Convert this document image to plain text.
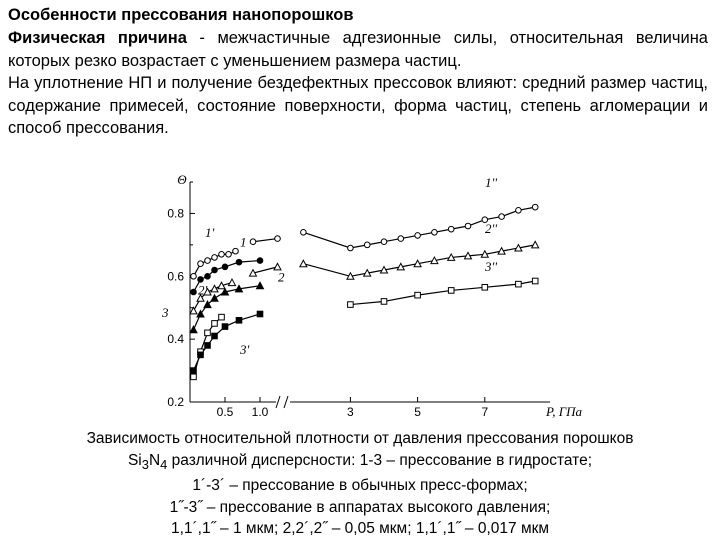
Особенности прессования нанопорошков

Физическая причина - межчастичные адгезионные силы, относительная величина которых резко возрастает с уменьшением размера частиц.

На уплотнение НП и получение бездефектных прессовок влияют: средний размер частиц, содержание примесей, состояние поверхности, форма частиц, степень агломерации и способ прессования.

0.2
0.4
0.6
0.8
0.5 1.0	3	5	7
Θ
P, ГПа
1'
1
1''
2'
2
2''
3
3'
3''

Зависимость относительной плотности от давления прессования порошков
$Si_3N_4$ различной дисперсности: 1-3 – прессование в гидростате;
1´-3´ – прессование в обычных пресс-формах;
1˝-3˝ – прессование в аппаратах высокого давления;
1,1´,1˝ – 1 мкм; 2,2´,2˝ – 0,05 мкм; 1,1´,1˝ – 0,017 мкм
